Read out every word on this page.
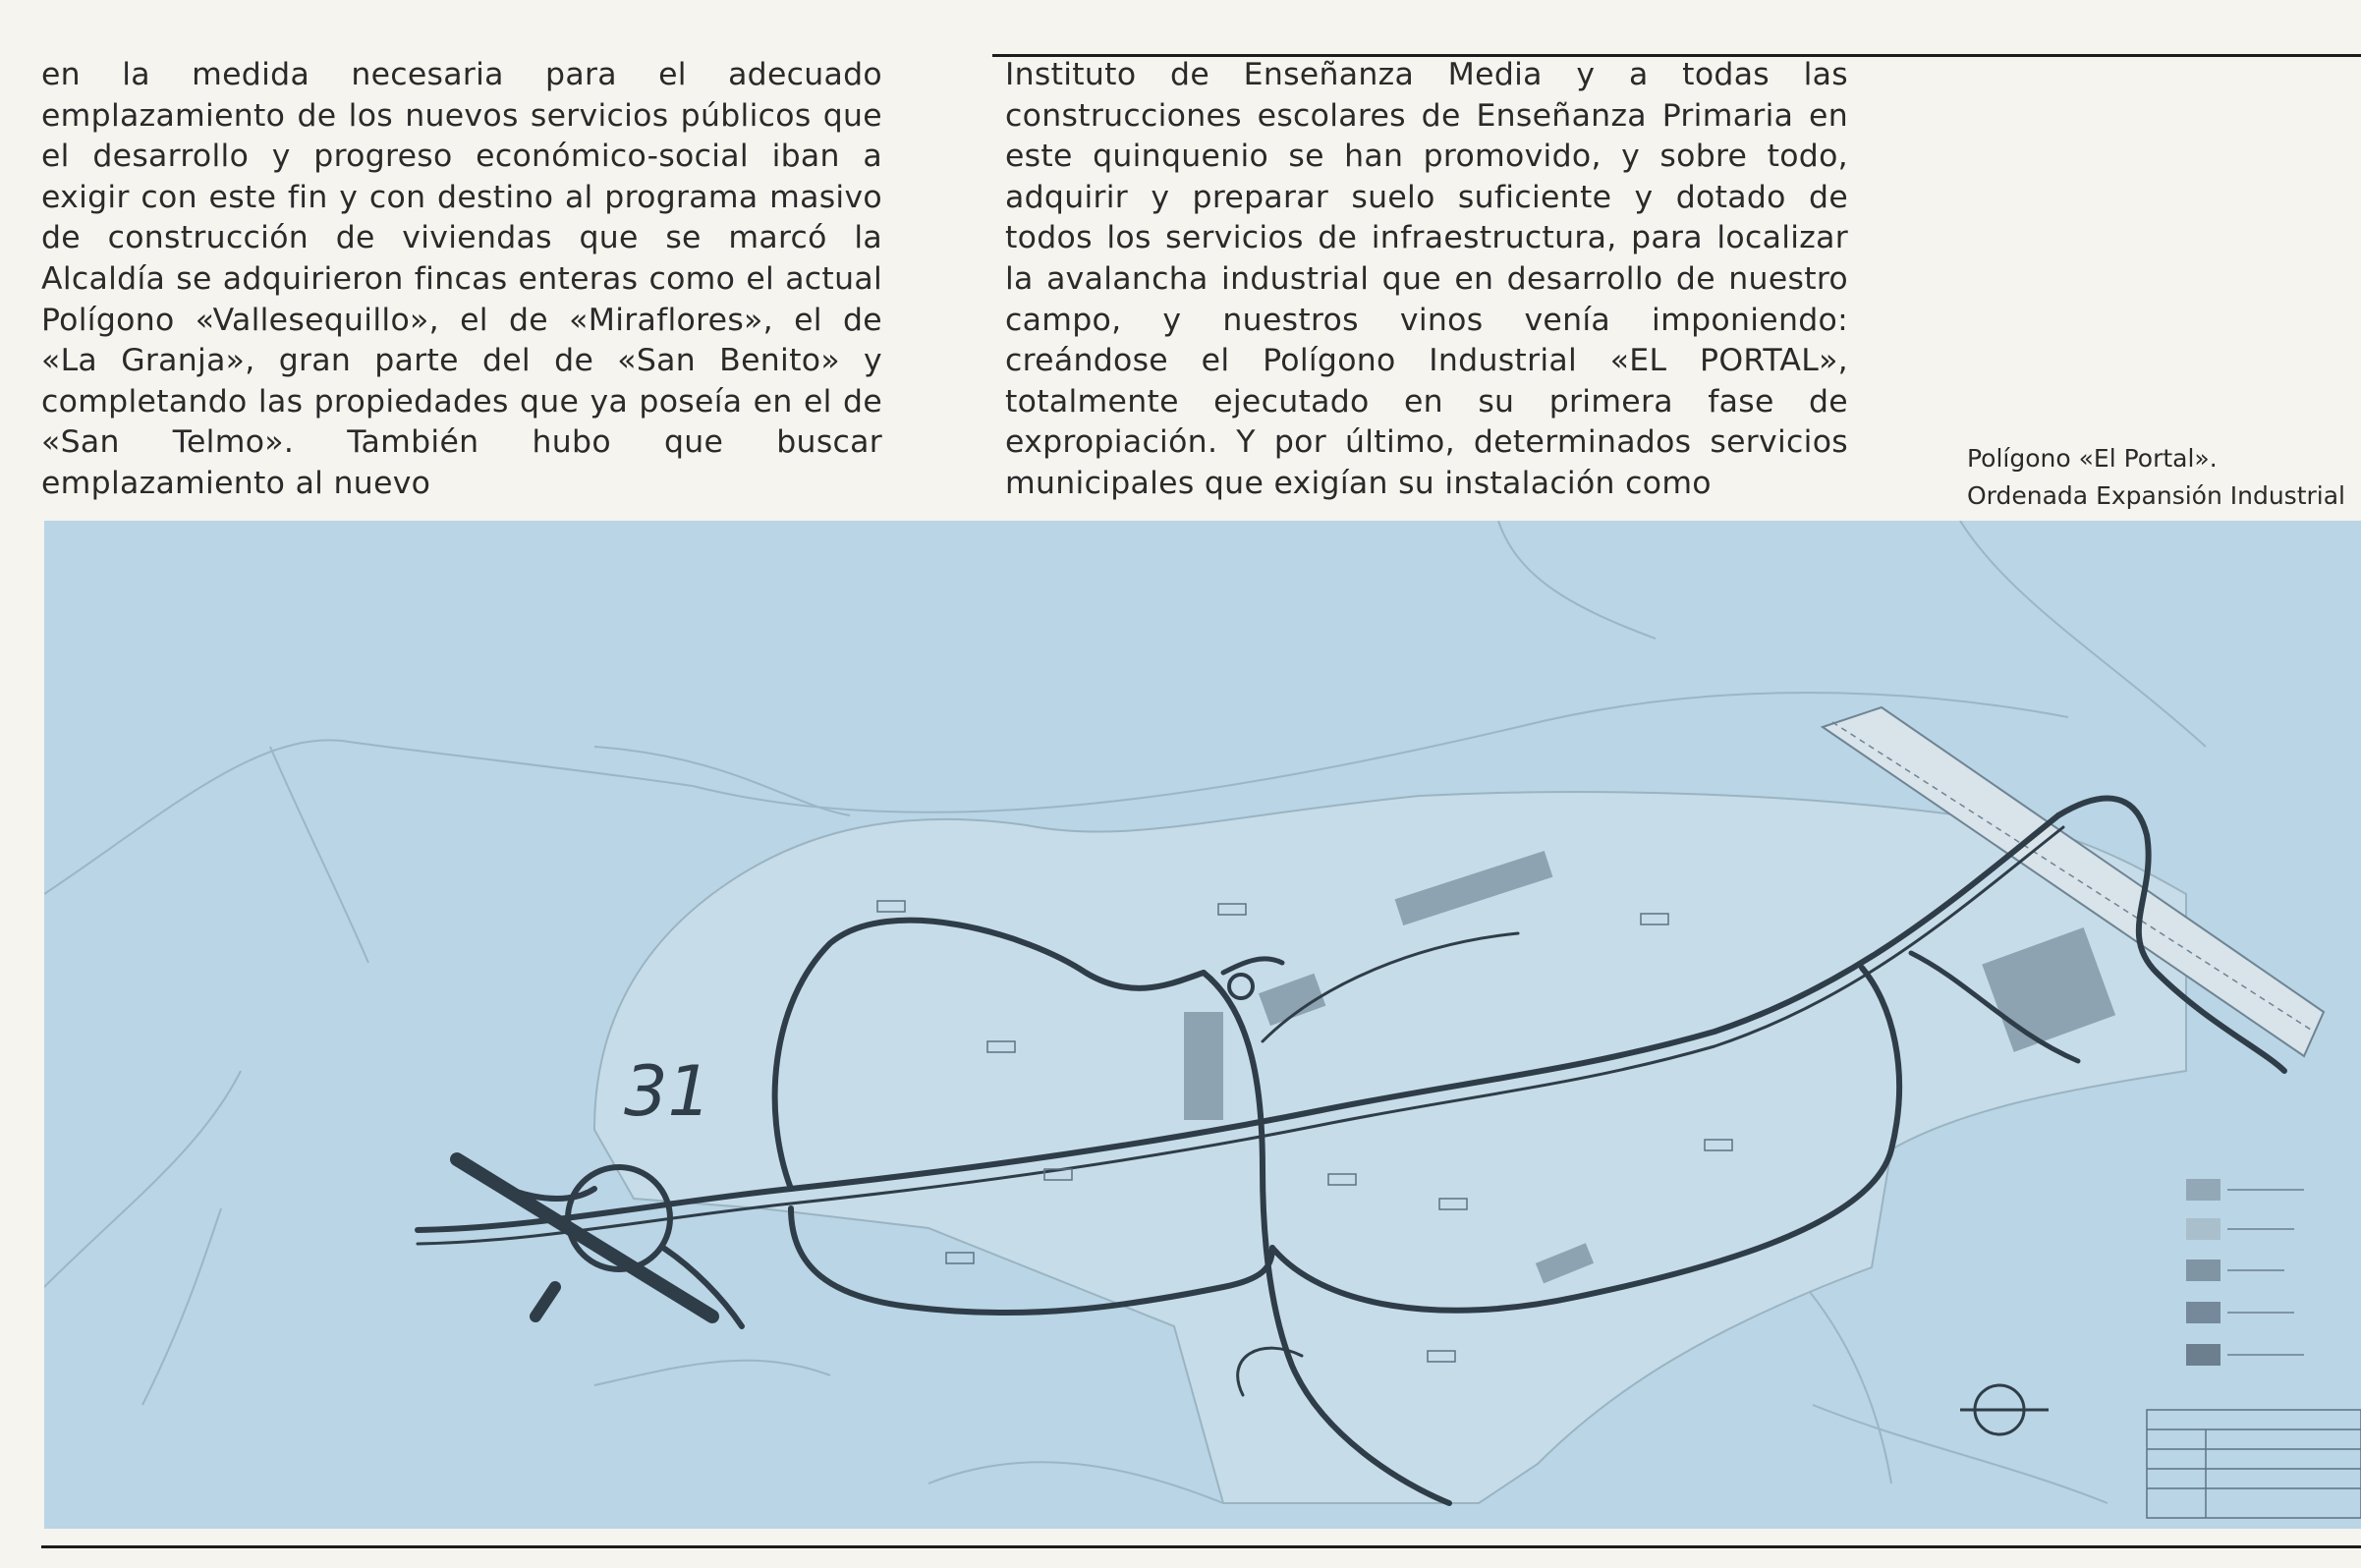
en la medida necesaria para el adecuado emplazamiento de los nuevos servicios públicos que el desarrollo y progreso económico-social iban a exigir con este fin y con destino al programa masivo de construcción de viviendas que se marcó la Alcaldía se adquirieron fincas enteras como el actual Polígono «Vallesequillo», el de «Miraflores», el de «La Granja», gran parte del de «San Benito» y completando las propiedades que ya poseía en el de «San Telmo». También hubo que buscar emplazamiento al nuevo

Instituto de Enseñanza Media y a todas las construcciones escolares de Enseñanza Primaria en este quinquenio se han promovido, y sobre todo, adquirir y preparar suelo suficiente y dotado de todos los servicios de infraestructura, para localizar la avalancha industrial que en desarrollo de nuestro campo, y nuestros vinos venía imponiendo: creándose el Polígono Industrial «EL PORTAL», totalmente ejecutado en su primera fase de expropiación. Y por último, determinados servicios municipales que exigían su instalación como

Polígono «El Portal».
Ordenada Expansión Industrial
31
